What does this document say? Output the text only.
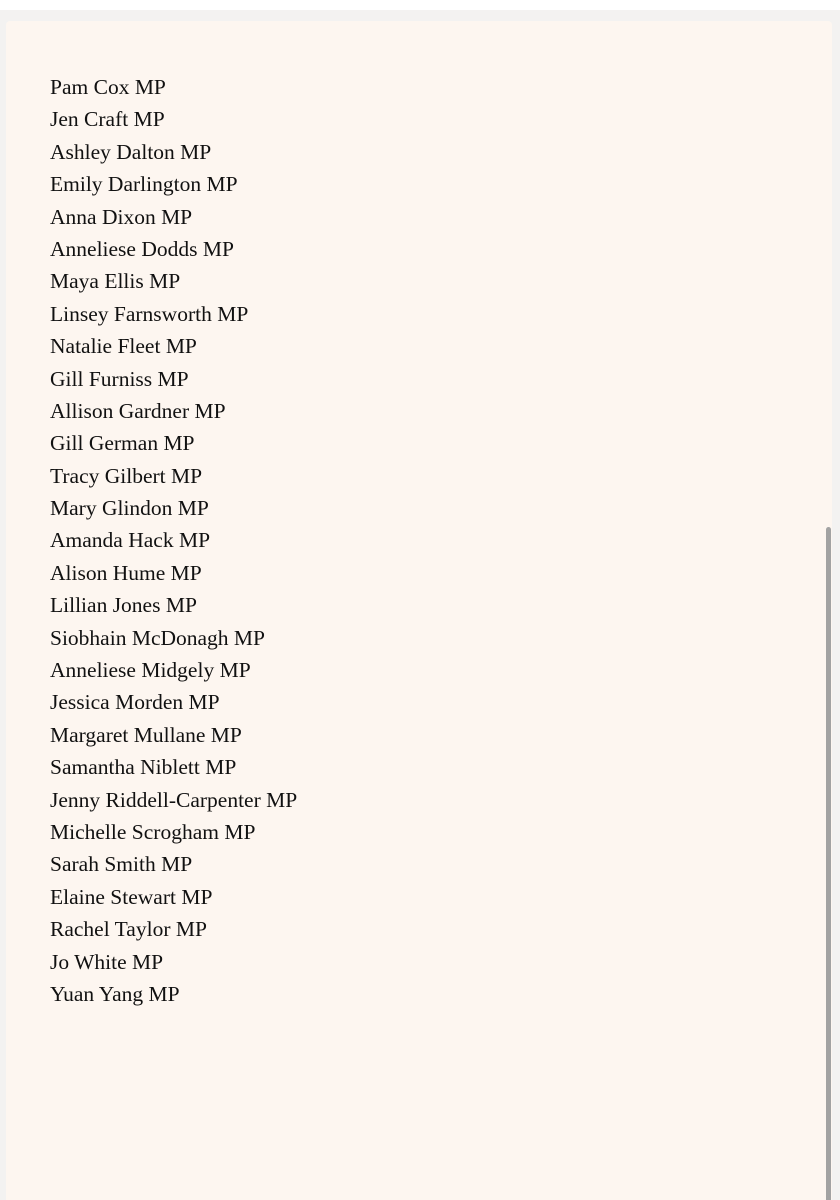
Pam Cox MP
Jen Craft MP
Ashley Dalton MP
Emily Darlington MP
Anna Dixon MP
Anneliese Dodds MP
Maya Ellis MP
Linsey Farnsworth MP
Natalie Fleet MP
Gill Furniss MP
Allison Gardner MP
Gill German MP
Tracy Gilbert MP
Mary Glindon MP
Amanda Hack MP
Alison Hume MP
Lillian Jones MP
Siobhain McDonagh MP
Anneliese Midgely MP
Jessica Morden MP
Margaret Mullane MP
Samantha Niblett MP
Jenny Riddell-Carpenter MP
Michelle Scrogham MP
Sarah Smith MP
Elaine Stewart MP
Rachel Taylor MP
Jo White MP
Yuan Yang MP
